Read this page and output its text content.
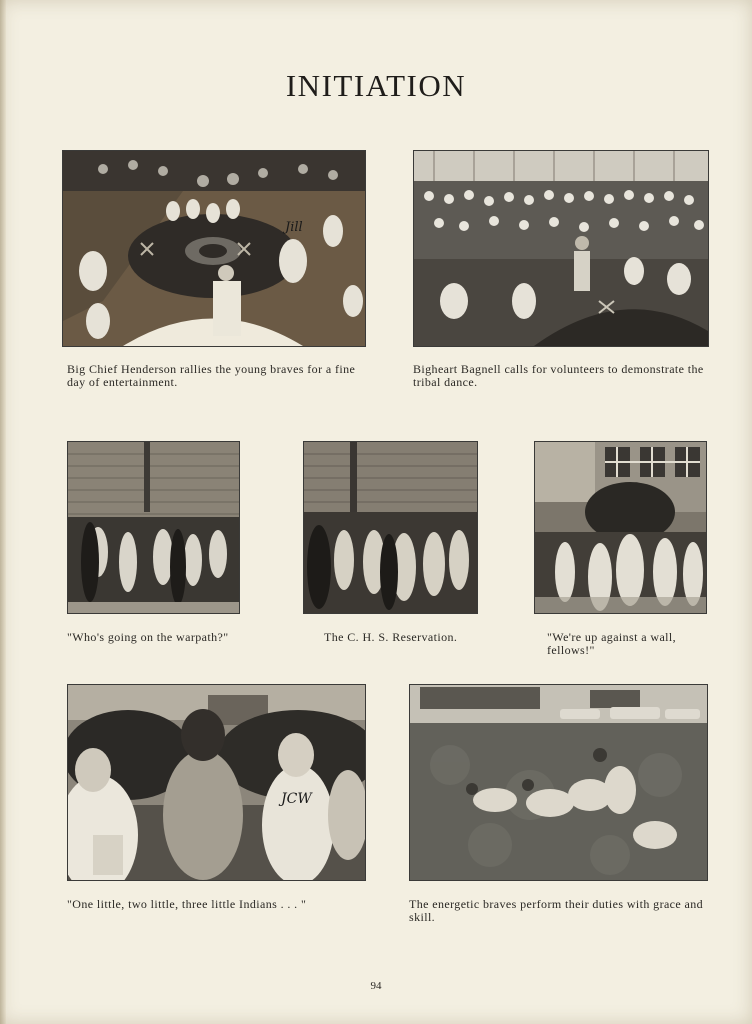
INITIATION
Jill

Big Chief Henderson rallies the young braves for a fine day of entertainment.

Bigheart Bagnell calls for volunteers to demonstrate the tribal dance.

"Who's going on the warpath?"	The C. H. S. Reservation.	"We're up against a wall, fellows!"

JCW

"One little, two little, three little Indians . . . "	The energetic braves perform their duties with grace and skill.

94
